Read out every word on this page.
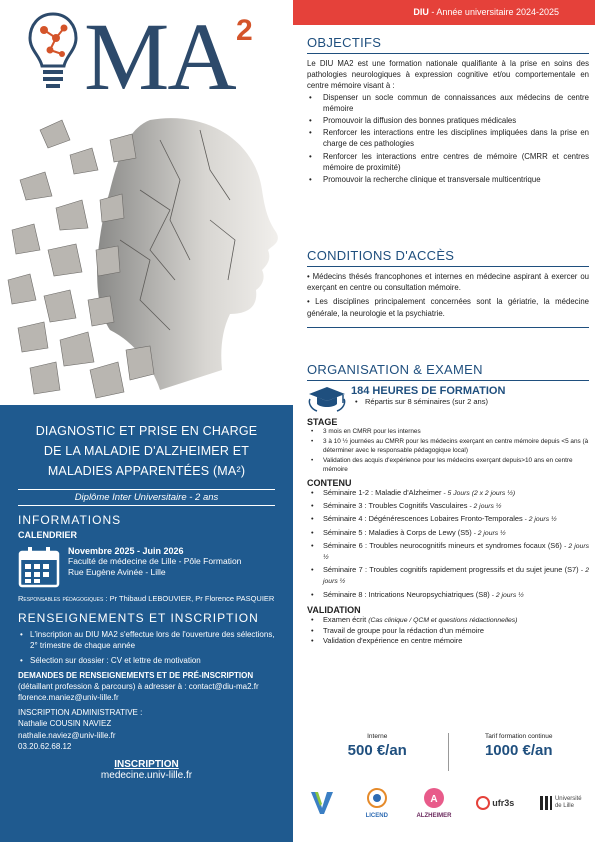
MA 2
DIAGNOSTIC ET PRISE EN CHARGE
DE LA MALADIE D'ALZHEIMER ET
MALADIES APPARENTÉES (MA²)
Diplôme Inter Universitaire - 2 ans
INFORMATIONS
CALENDRIER
Novembre 2025 - Juin 2026
Faculté de médecine de Lille - Pôle Formation
Rue Eugène Avinée - Lille
Responsables pédagogiques : Pr Thibaud LEBOUVIER, Pr Florence PASQUIER
RENSEIGNEMENTS ET INSCRIPTION
• L'inscription au DIU MA2 s'effectue lors de l'ouverture des sélections, 2° trimestre de chaque année
• Sélection sur dossier : CV et lettre de motivation
DEMANDES DE RENSEIGNEMENTS ET DE PRÉ-INSCRIPTION (détaillant profession & parcours) à adresser à : contact@diu-ma2.fr
florence.maniez@univ-lille.fr
INSCRIPTION ADMINISTRATIVE :
Nathalie COUSIN NAVIEZ
nathalie.naviez@univ-lille.fr
03.20.62.68.12
INSCRIPTION
medecine.univ-lille.fr
DIU - Année universitaire 2024-2025
OBJECTIFS
Le DIU MA2 est une formation nationale qualifiante à la prise en soins des pathologies neurologiques à expression cognitive et/ou comportementale en centre mémoire visant à :
• Dispenser un socle commun de connaissances aux médecins de centre mémoire
• Promouvoir la diffusion des bonnes pratiques médicales
• Renforcer les interactions entre les disciplines impliquées dans la prise en charge de ces pathologies
• Renforcer les interactions entre centres de mémoire (CMRR et centres mémoire de proximité)
• Promouvoir la recherche clinique et transversale multicentrique
CONDITIONS D'ACCÈS
• Médecins thésés francophones et internes en médecine aspirant à exercer ou exerçant en centre ou consultation mémoire.
• Les disciplines principalement concernées sont la gériatrie, la médecine générale, la neurologie et la psychiatrie.
ORGANISATION & EXAMEN
184 HEURES DE FORMATION
• Répartis sur 8 séminaires (sur 2 ans)
STAGE
• 3 mois en CMRR pour les internes
• 3 à 10 ½ journées au CMRR pour les médecins exerçant en centre mémoire depuis <5 ans (à déterminer avec le responsable pédagogique local)
• Validation des acquis d'expérience pour les médecins exerçant depuis>10 ans en centre mémoire
CONTENU
• Séminaire 1-2 : Maladie d'Alzheimer - 5 Jours (2 x 2 jours ½)
• Séminaire 3 : Troubles Cognitifs Vasculaires - 2 jours ½
• Séminaire 4 : Dégénérescences Lobaires Fronto-Temporales - 2 jours ½
• Séminaire 5 : Maladies à Corps de Lewy (S5) - 2 jours ½
• Séminaire 6 : Troubles neurocognitifs mineurs et syndromes focaux (S6) - 2 jours ½
• Séminaire 7 : Troubles cognitifs rapidement progressifs et du sujet jeune (S7) - 2 jours ½
• Séminaire 8 : Intrications Neuropsychiatriques (S8) - 2 jours ½
VALIDATION
• Examen écrit (Cas clinique / QCM et questions rédactionnelles)
• Travail de groupe pour la rédaction d'un mémoire
• Validation d'expérience en centre mémoire
Interne
500 €/an
Tarif formation continue
1000 €/an
LICEND
A
ALZHEIMER
ufr3s	Université de Lille
